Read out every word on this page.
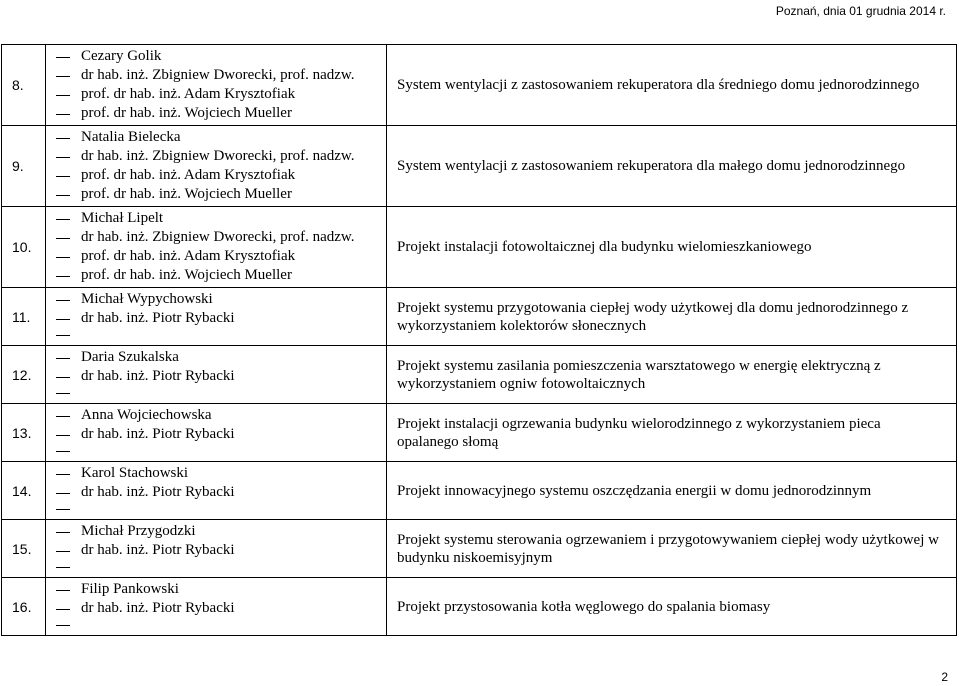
Poznań, dnia 01 grudnia 2014 r.
8.	Cezary Golik
dr hab. inż. Zbigniew Dworecki, prof. nadzw.
prof. dr hab. inż. Adam Krysztofiak
prof. dr hab. inż. Wojciech Mueller	System wentylacji z zastosowaniem rekuperatora dla średniego domu jednorodzinnego
9.	Natalia Bielecka
dr hab. inż. Zbigniew Dworecki, prof. nadzw.
prof. dr hab. inż. Adam Krysztofiak
prof. dr hab. inż. Wojciech Mueller	System wentylacji z zastosowaniem rekuperatora dla małego domu jednorodzinnego
10.	Michał Lipelt
dr hab. inż. Zbigniew Dworecki, prof. nadzw.
prof. dr hab. inż. Adam Krysztofiak
prof. dr hab. inż. Wojciech Mueller	Projekt instalacji fotowoltaicznej dla budynku wielomieszkaniowego
11.	Michał Wypychowski
dr hab. inż. Piotr Rybacki	Projekt systemu przygotowania ciepłej wody użytkowej dla domu jednorodzinnego z wykorzystaniem kolektorów słonecznych
12.	Daria Szukalska
dr hab. inż. Piotr Rybacki	Projekt systemu zasilania pomieszczenia warsztatowego w energię elektryczną z wykorzystaniem ogniw fotowoltaicznych
13.	Anna Wojciechowska
dr hab. inż. Piotr Rybacki	Projekt instalacji ogrzewania budynku wielorodzinnego z wykorzystaniem pieca opalanego słomą
14.	Karol Stachowski
dr hab. inż. Piotr Rybacki	Projekt innowacyjnego systemu oszczędzania energii w domu jednorodzinnym
15.	Michał Przygodzki
dr hab. inż. Piotr Rybacki	Projekt systemu sterowania ogrzewaniem i przygotowywaniem ciepłej wody użytkowej w budynku niskoemisyjnym
16.	Filip Pankowski
dr hab. inż. Piotr Rybacki	Projekt przystosowania kotła węglowego do spalania biomasy
2
